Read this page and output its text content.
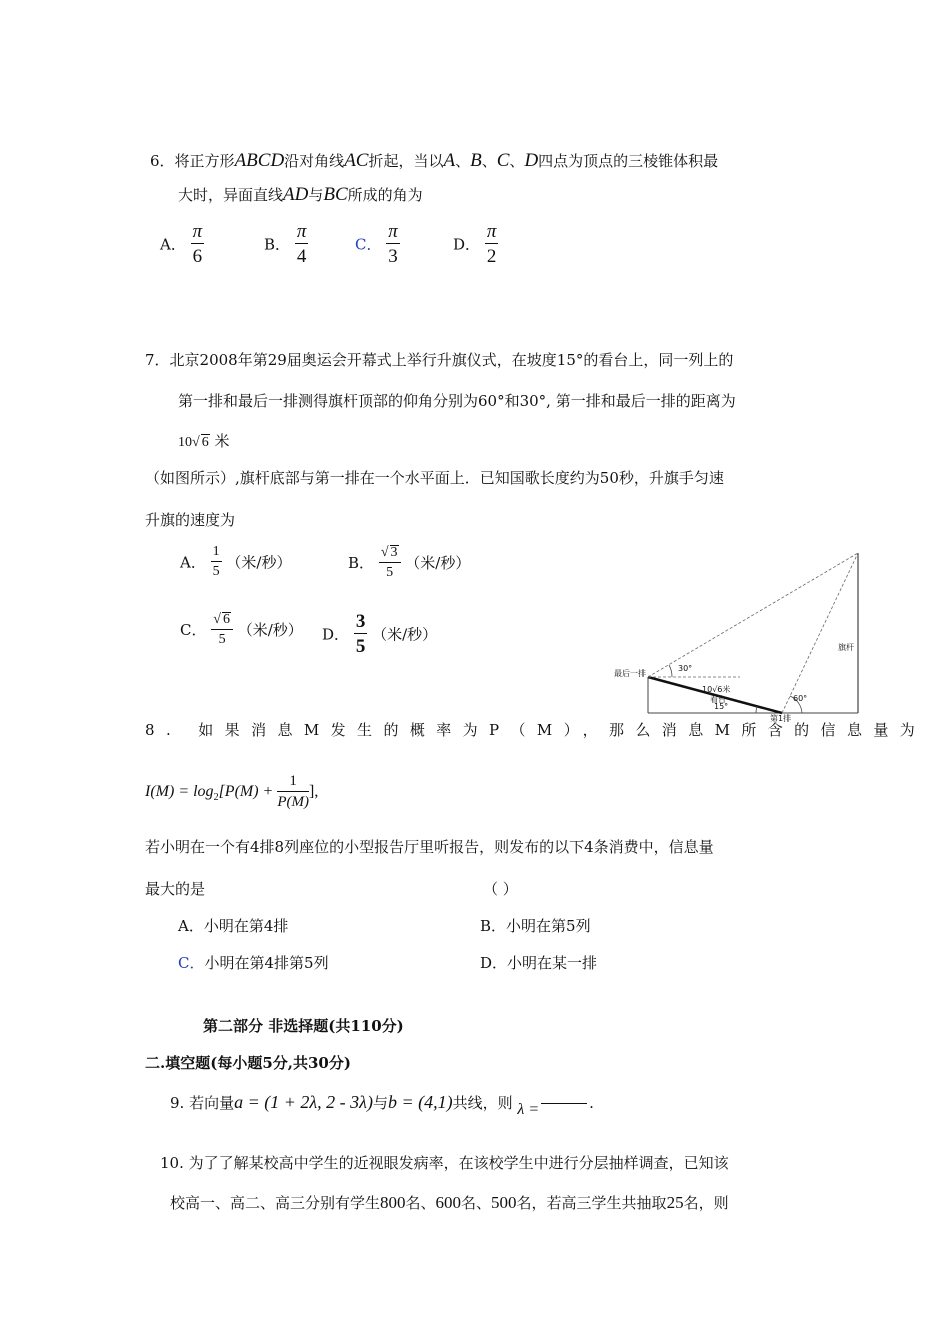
6．将正方形ABCD沿对角线AC折起，当以A、B、C、D四点为顶点的三棱锥体积最
大时，异面直线AD与BC所成的角为
A． $\frac{\pi}{6}$	B． $\frac{\pi}{4}$	C． $\frac{\pi}{3}$	D． $\frac{\pi}{2}$
7．北京2008年第29届奥运会开幕式上举行升旗仪式，在坡度15°的看台上，同一列上的
第一排和最后一排测得旗杆顶部的仰角分别为60°和30°, 第一排和最后一排的距离为
10√ 6 米
（如图所示）,旗杆底部与第一排在一个水平面上．已知国歌长度约为50秒，升旗手匀速
升旗的速度为
A． $\frac{1}{5}$ （米/秒）	B． $\frac{√ 3}{5}$ （米/秒）
C． $\frac{√ 6}{5}$ （米/秒） D． $\frac{3}{5}$ （米/秒）
最后一排
第1排
30°
60°
15°
10√6米
看台
旗杆
8. 如果消息M发生的概率为P（M），那么消息M所含的信息量为
$I(M) = \log_2[P(M) + \frac{1}{P(M)}$ ],
若小明在一个有4排8列座位的小型报告厅里听报告，则发布的以下4条消费中，信息量
最大的是	（ ）
A．小明在第4排	B．小明在第5列
C．小明在第4排第5列	D．小明在某一排
第二部分 非选择题(共110分)
二.填空题(每小题5分,共30分)
9. 若向量a = (1 + 2λ, 2 - 3λ)与b = (4,1)共线，则 λ =	.
10. 为了了解某校高中学生的近视眼发病率，在该校学生中进行分层抽样调查，已知该
校高一、高二、高三分别有学生800名、600名、500名，若高三学生共抽取25名，则
